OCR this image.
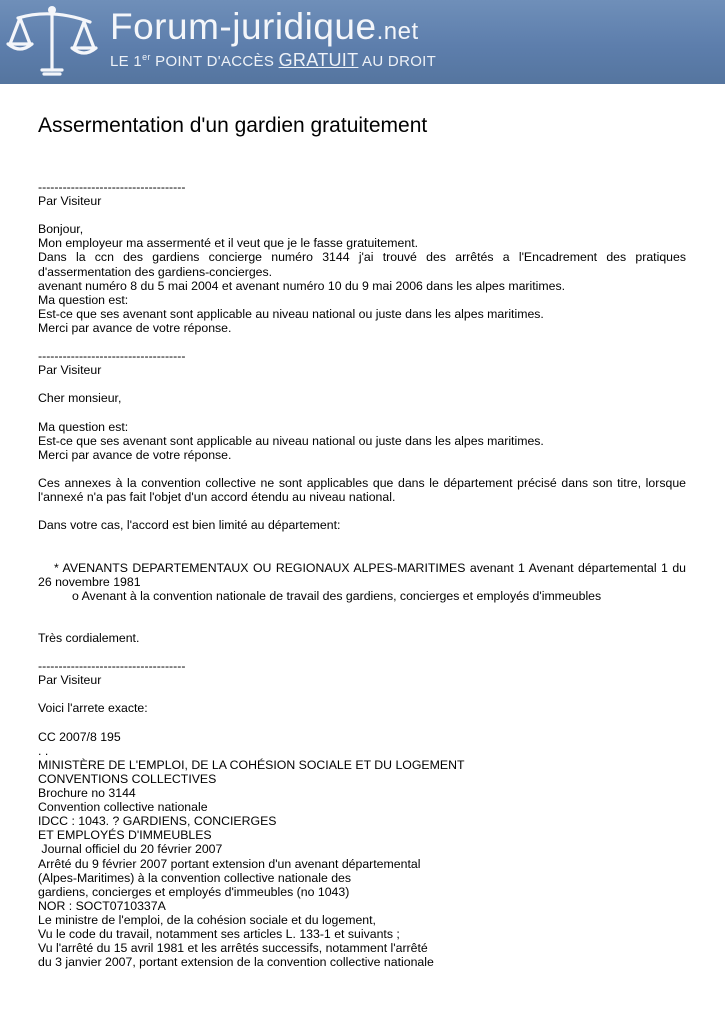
Forum-juridique.net
LE 1er POINT D'ACCÈS GRATUIT AU DROIT
Assermentation d'un gardien gratuitement

------------------------------------

Par Visiteur

Bonjour,

Mon employeur ma assermenté et il veut que je le fasse gratuitement.

Dans la ccn des gardiens concierge numéro 3144 j'ai trouvé des arrêtés a l'Encadrement des pratiques d'assermentation des gardiens-concierges.

avenant numéro 8 du 5 mai 2004 et avenant numéro 10 du 9 mai 2006 dans les alpes maritimes.

Ma question est:

Est-ce que ses avenant sont applicable au niveau national ou juste dans les alpes maritimes.

Merci par avance de votre réponse.

------------------------------------

Par Visiteur

Cher monsieur,

Ma question est:

Est-ce que ses avenant sont applicable au niveau national ou juste dans les alpes maritimes.

Merci par avance de votre réponse.

Ces annexes à la convention collective ne sont applicables que dans le département précisé dans son titre, lorsque l'annexé n'a pas fait l'objet d'un accord étendu au niveau national.

Dans votre cas, l'accord est bien limité au département:

* AVENANTS DEPARTEMENTAUX OU REGIONAUX ALPES-MARITIMES avenant 1 Avenant départemental 1 du 26 novembre 1981

o Avenant à la convention nationale de travail des gardiens, concierges et employés d'immeubles

Très cordialement.

------------------------------------

Par Visiteur

Voici l'arrete exacte:

CC 2007/8 195

. .

MINISTÈRE DE L'EMPLOI, DE LA COHÉSION SOCIALE ET DU LOGEMENT

CONVENTIONS COLLECTIVES

Brochure no 3144

Convention collective nationale

IDCC : 1043. ? GARDIENS, CONCIERGES

ET EMPLOYÉS D'IMMEUBLES

Journal officiel du 20 février 2007

Arrêté du 9 février 2007 portant extension d'un avenant départemental

(Alpes-Maritimes) à la convention collective nationale des

gardiens, concierges et employés d'immeubles (no 1043)

NOR : SOCT0710337A

Le ministre de l'emploi, de la cohésion sociale et du logement,

Vu le code du travail, notamment ses articles L. 133-1 et suivants ;

Vu l'arrêté du 15 avril 1981 et les arrêtés successifs, notamment l'arrêté

du 3 janvier 2007, portant extension de la convention collective nationale
